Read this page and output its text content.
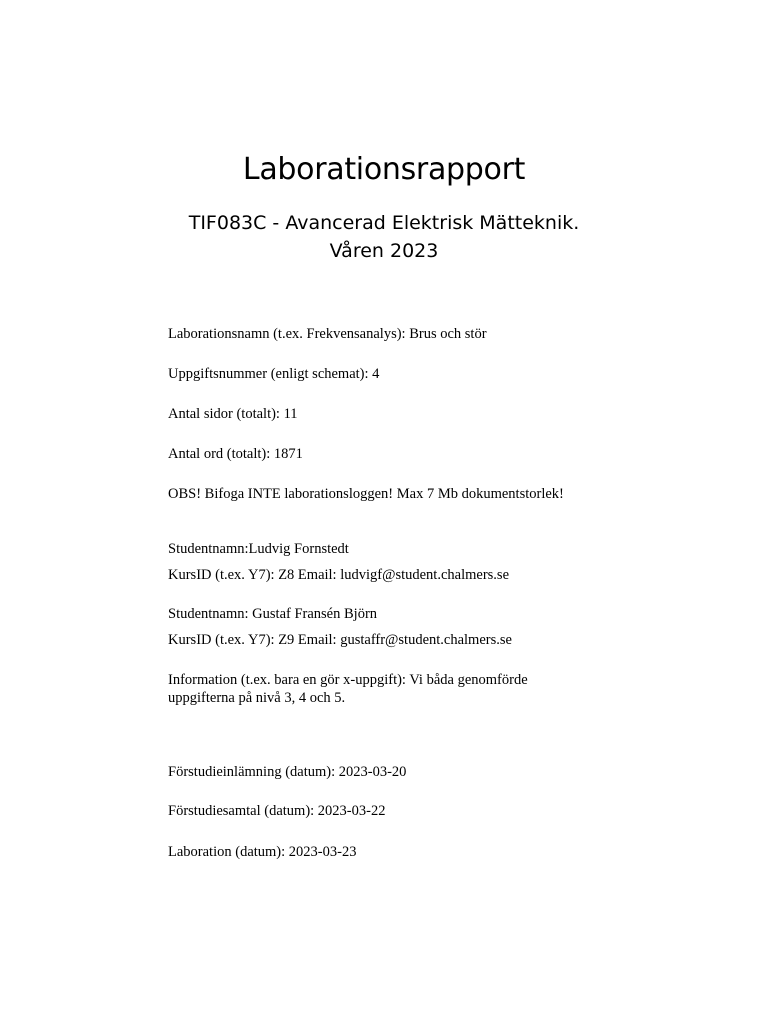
Laborationsrapport

TIF083C - Avancerad Elektrisk Mätteknik.

Våren 2023

Laborationsnamn (t.ex. Frekvensanalys): Brus och stör

Uppgiftsnummer (enligt schemat): 4

Antal sidor (totalt): 11

Antal ord (totalt): 1871

OBS! Bifoga INTE laborationsloggen! Max 7 Mb dokumentstorlek!

Studentnamn:Ludvig Fornstedt

KursID (t.ex. Y7): Z8 Email: ludvigf@student.chalmers.se

Studentnamn: Gustaf Fransén Björn

KursID (t.ex. Y7): Z9 Email: gustaffr@student.chalmers.se

Information (t.ex. bara en gör x-uppgift): Vi båda genomförde

uppgifterna på nivå 3, 4 och 5.

Förstudieinlämning (datum): 2023-03-20

Förstudiesamtal (datum): 2023-03-22

Laboration (datum): 2023-03-23
